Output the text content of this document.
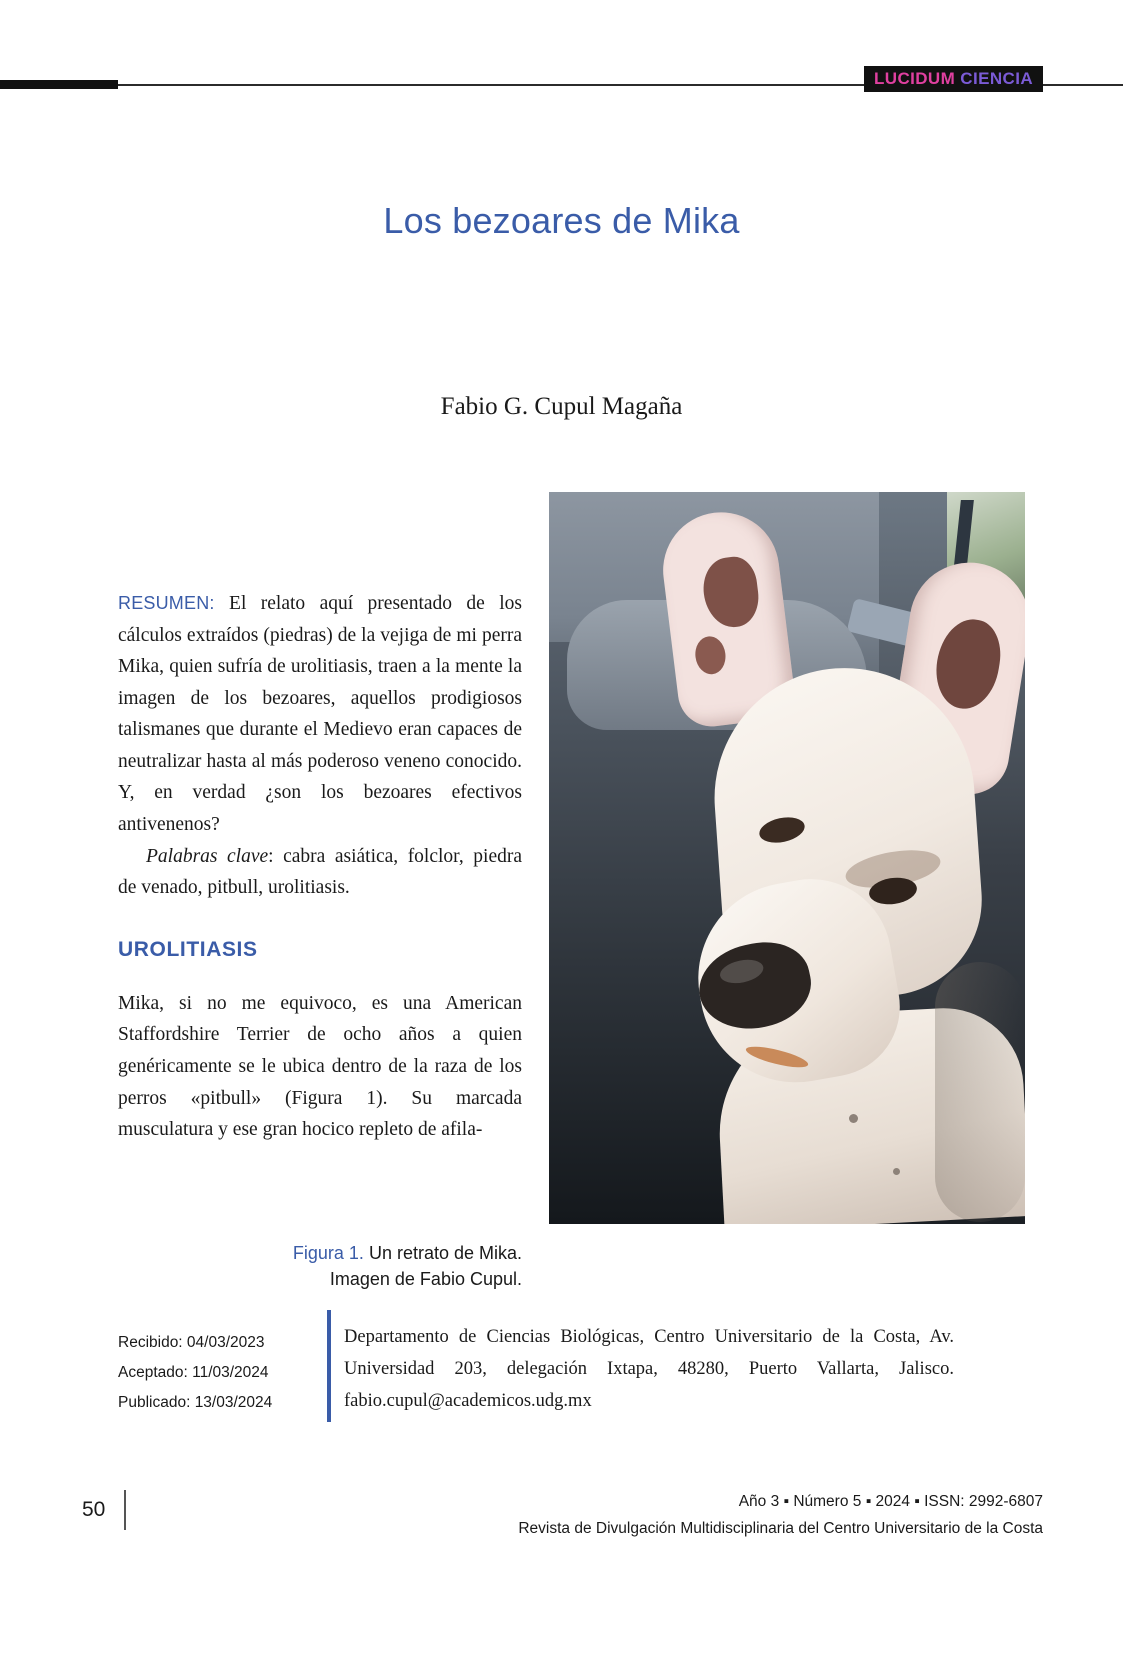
LUCIDUM CIENCIA
Los bezoares de Mika
Fabio G. Cupul Magaña

RESUMEN: El relato aquí presentado de los cálculos extraídos (piedras) de la vejiga de mi perra Mika, quien sufría de urolitiasis, traen a la mente la imagen de los bezoares, aquellos prodigiosos talismanes que durante el Medievo eran capaces de neutralizar hasta al más poderoso veneno conocido. Y, en verdad ¿son los bezoares efectivos antivenenos?

Palabras clave: cabra asiática, folclor, piedra de venado, pitbull, urolitiasis.

UROLITIASIS

Mika, si no me equivoco, es una American Staffordshire Terrier de ocho años a quien genéricamente se le ubica dentro de la raza de los perros «pitbull» (Figura 1). Su marcada musculatura y ese gran hocico repleto de afila-

Figura 1. Un retrato de Mika. Imagen de Fabio Cupul.
Recibido: 04/03/2023
Aceptado: 11/03/2024
Publicado: 13/03/2024
Departamento de Ciencias Biológicas, Centro Universitario de la Costa, Av. Universidad 203, delegación Ixtapa, 48280, Puerto Vallarta, Jalisco. fabio.cupul@academicos.udg.mx
50	Año 3 ▪ Número 5 ▪ 2024 ▪ ISSN: 2992-6807
Revista de Divulgación Multidisciplinaria del Centro Universitario de la Costa
